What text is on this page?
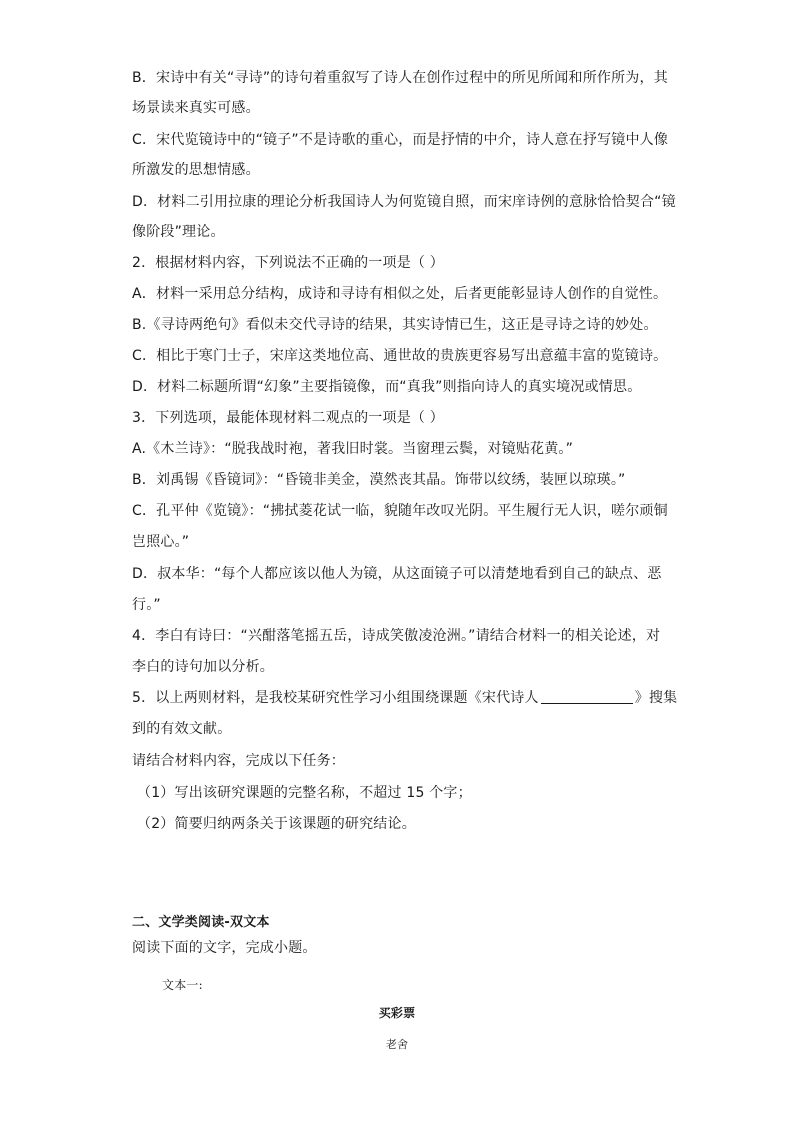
B．宋诗中有关“寻诗”的诗句着重叙写了诗人在创作过程中的所见所闻和所作所为，其
场景读来真实可感。
C．宋代览镜诗中的“镜子”不是诗歌的重心，而是抒情的中介，诗人意在抒写镜中人像
所激发的思想情感。
D．材料二引用拉康的理论分析我国诗人为何览镜自照，而宋庠诗例的意脉恰恰契合“镜
像阶段”理论。
2．根据材料内容，下列说法不正确的一项是（ ）
A．材料一采用总分结构，成诗和寻诗有相似之处，后者更能彰显诗人创作的自觉性。
B.《寻诗两绝句》看似未交代寻诗的结果，其实诗情已生，这正是寻诗之诗的妙处。
C．相比于寒门士子，宋庠这类地位高、通世故的贵族更容易写出意蕴丰富的览镜诗。
D．材料二标题所谓“幻象”主要指镜像，而“真我”则指向诗人的真实境况或情思。
3．下列选项，最能体现材料二观点的一项是（ ）
A.《木兰诗》：“脱我战时袍，著我旧时裳。当窗理云鬓，对镜贴花黄。”
B．刘禹锡《昏镜词》：“昏镜非美金，漠然丧其晶。饰带以纹绣，装匣以琼瑛。”
C．孔平仲《览镜》：“拂拭菱花试一临，貌随年改叹光阴。平生履行无人识，嗟尔顽铜
岂照心。”
D．叔本华：“每个人都应该以他人为镜，从这面镜子可以清楚地看到自己的缺点、恶
行。”
4．李白有诗曰：“兴酣落笔摇五岳，诗成笑傲凌沧洲。”请结合材料一的相关论述，对
李白的诗句加以分析。
5．以上两则材料，是我校某研究性学习小组围绕课题《宋代诗人	》搜集
到的有效文献。
请结合材料内容，完成以下任务：
（1）写出该研究课题的完整名称，不超过 15 个字；
（2）简要归纳两条关于该课题的研究结论。
二、文学类阅读-双文本
阅读下面的文字，完成小题。
文本一:
买彩票
老舍
